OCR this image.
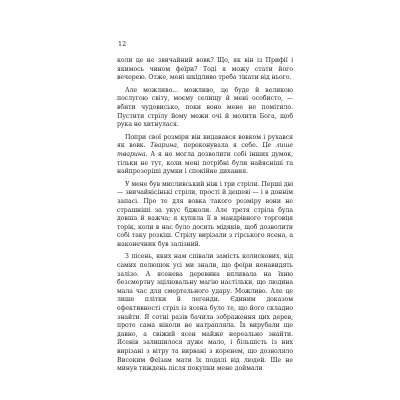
12

коли це не звичайний вовк? Що, як він із Прифії і якимось чином феїри? Тоді я можу стати його вечерею. Отже, мені шкідливо треба тікати від нього.

Але можливо... можливо, це буде й великою послугою світу, моєму селищу й мені особисто, — вбити чудовисько, поки воно мене не помітило. Пустити стрілу йому межи очі й молити Бога, щоб рука не хитнулася.

Попри свої розміри він видавався вовком і рухався як вовк. Тварина, переконувала я себе. Це лише тварина. А я не могла дозволити собі інших думок, тільки не тут, коли мені потрібні були найясніші та найпрозоріші думки і спокійне дихання.

У мене був мисливський ніж і три стріли. Перші дві — звичайнісінькі стріли, прості й дешеві — і в доннім запасі. Про те для вовка такого розміру вони не страшніші за укус бджоли. Але третя стріла була довша й важча; я купила її в мандрівного торговця торік, коли в нас було досить мідяків, щоб дозволити собі таку розкіш. Стрілу вирізали з гірського ясена, а наконечник був залізний.

З пісень, яких нам співали замість колискових, від самих пелюшок усі ми знали, що феїри ненавидять залізо. А ясенева деревина впливала на їхню безсмертну зцілювальну магію настільки, що людина мала час для смертельного удару. Можливо. Але це лише плітки й легенди. Єдиним доказом ефективності стріл із ясена було те, що його складно знайти. Я сотні разів бачила зображення цих дерев, проте сама ніколи не натрапляла. Їх вирубали ще давно, а свіжий ясен майже нереально знайти. Ясенів залишилося дуже мало, і більшість із них вирізані з вітру та вирвані з коренем, що дозволяло Високим Феїзам мати їх подалі від людей. Ще не минув тиждень після покупки мене доймали
